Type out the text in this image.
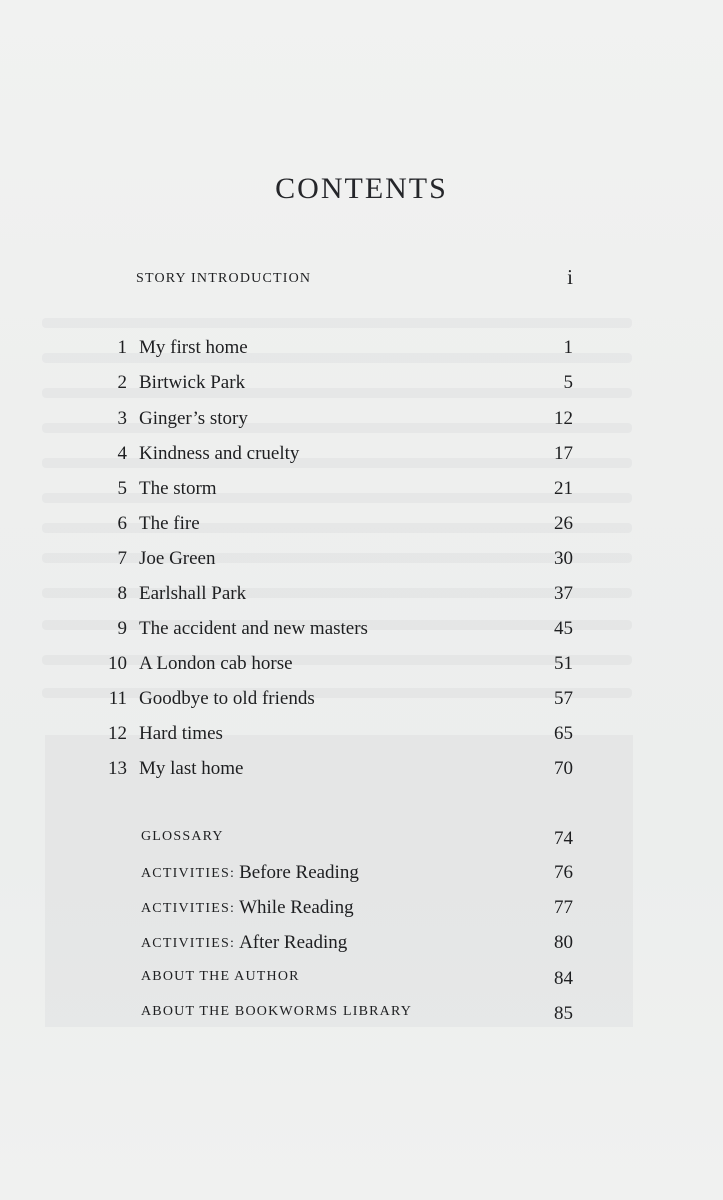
CONTENTS
STORY INTRODUCTION	i
1 My first home	1
2 Birtwick Park	5
3 Ginger’s story	12
4 Kindness and cruelty	17
5 The storm	21
6 The fire	26
7 Joe Green	30
8 Earlshall Park	37
9 The accident and new masters	45
10 A London cab horse	51
11 Goodbye to old friends	57
12 Hard times	65
13 My last home	70
GLOSSARY	74
ACTIVITIES: Before Reading	76
ACTIVITIES: While Reading	77
ACTIVITIES: After Reading	80
ABOUT THE AUTHOR	84
ABOUT THE BOOKWORMS LIBRARY	85
